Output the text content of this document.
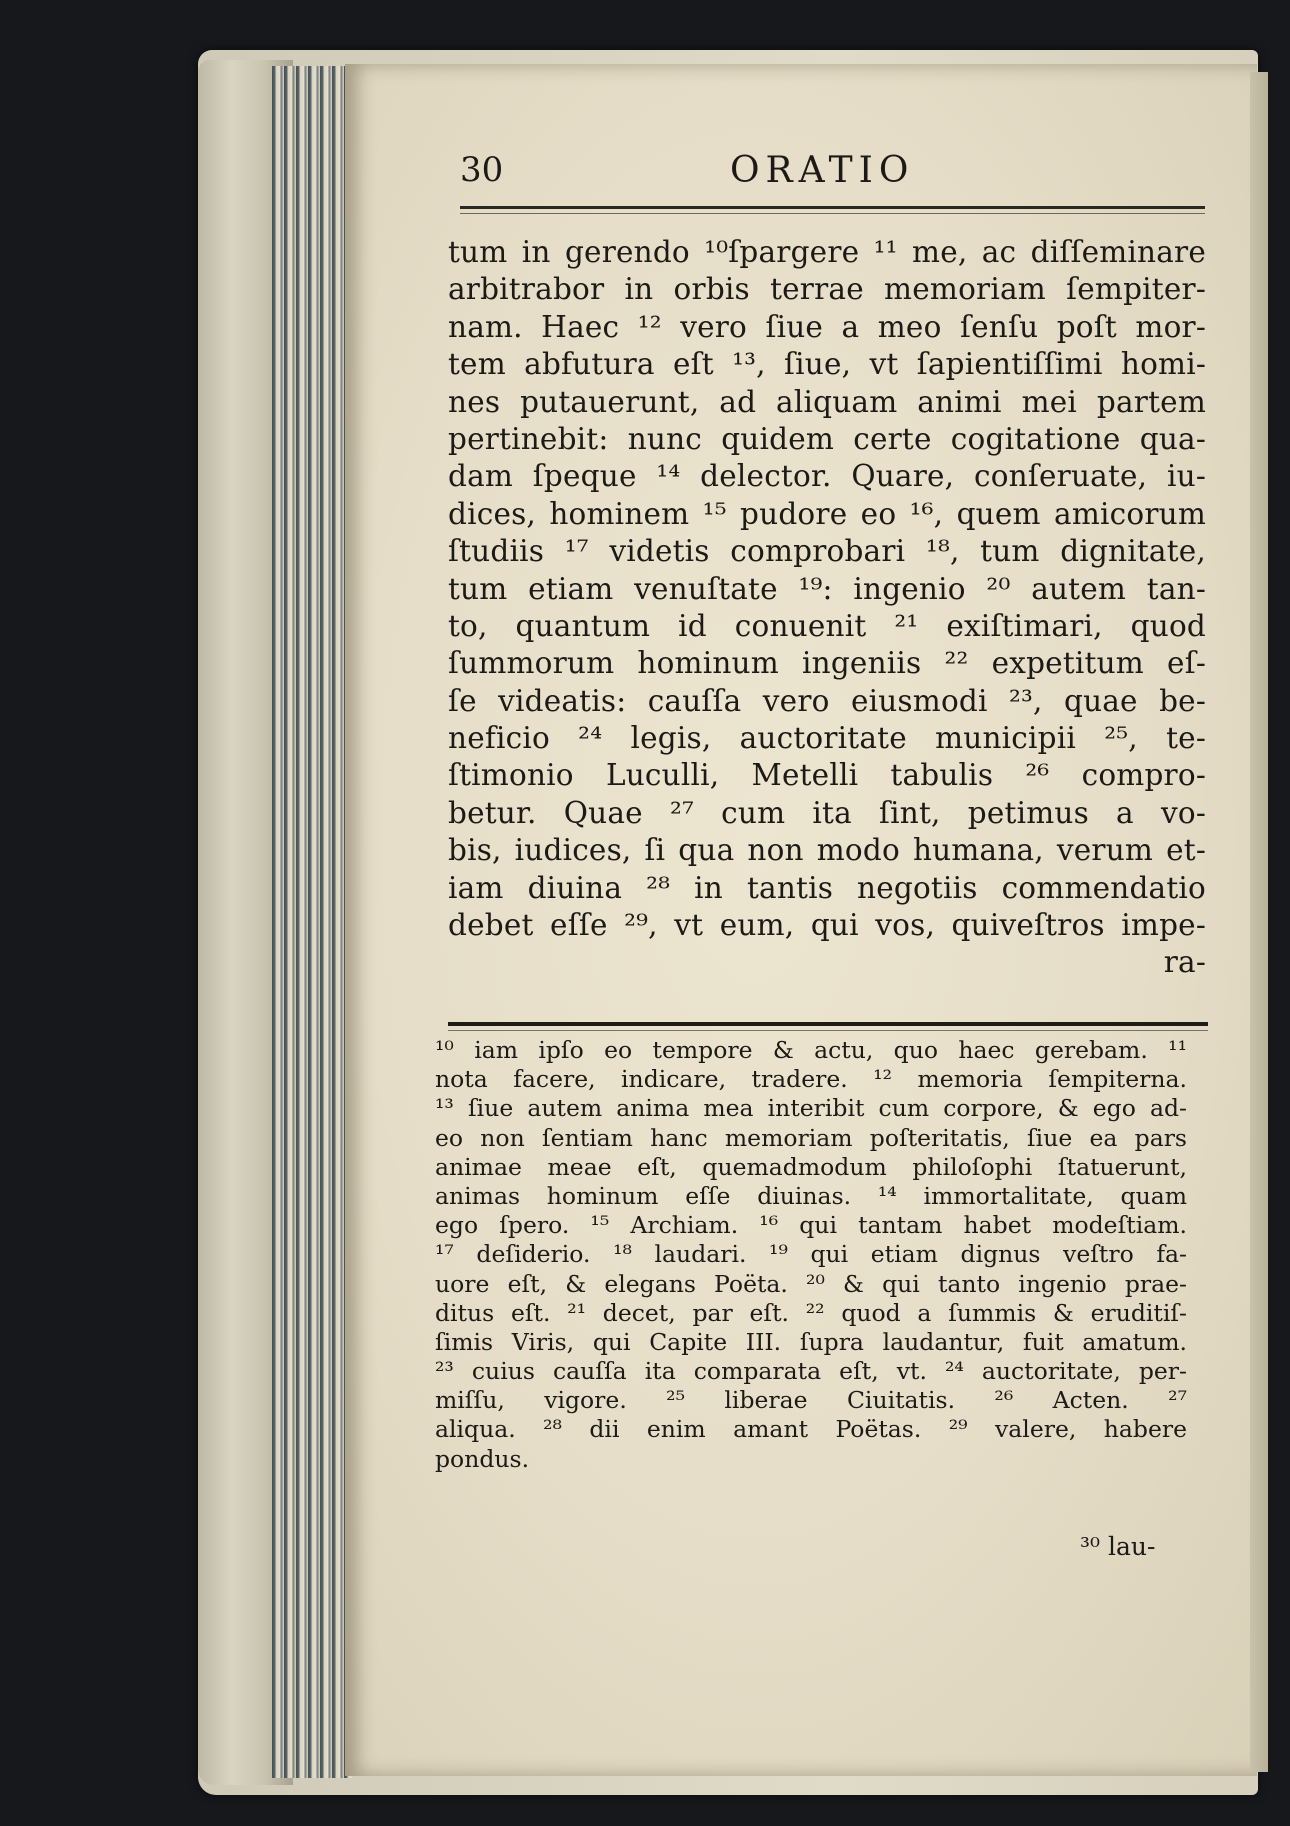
30	ORATIO
tum in gerendo ¹⁰ſpargere ¹¹ me, ac diſſeminare
arbitrabor in orbis terrae memoriam ſempiter-
nam. Haec ¹² vero ſiue a meo ſenſu poſt mor-
tem abfutura eſt ¹³, ſiue, vt ſapientiſſimi homi-
nes putauerunt, ad aliquam animi mei partem
pertinebit: nunc quidem certe cogitatione qua-
dam ſpeque ¹⁴ delector. Quare, conſeruate, iu-
dices, hominem ¹⁵ pudore eo ¹⁶, quem amicorum
ſtudiis ¹⁷ videtis comprobari ¹⁸, tum dignitate,
tum etiam venuſtate ¹⁹: ingenio ²⁰ autem tan-
to, quantum id conuenit ²¹ exiſtimari, quod
ſummorum hominum ingeniis ²² expetitum eſ-
ſe videatis: cauſſa vero eiusmodi ²³, quae be-
neficio ²⁴ legis, auctoritate municipii ²⁵, te-
ſtimonio Luculli, Metelli tabulis ²⁶ compro-
betur. Quae ²⁷ cum ita ſint, petimus a vo-
bis, iudices, ſi qua non modo humana, verum et-
iam diuina ²⁸ in tantis negotiis commendatio
debet eſſe ²⁹, vt eum, qui vos, quiveſtros impe-
ra-
¹⁰ iam ipſo eo tempore & actu, quo haec gerebam. ¹¹
nota facere, indicare, tradere. ¹² memoria ſempiterna.
¹³ ſiue autem anima mea interibit cum corpore, & ego ad-
eo non ſentiam hanc memoriam poſteritatis, ſiue ea pars
animae meae eſt, quemadmodum philoſophi ſtatuerunt,
animas hominum eſſe diuinas. ¹⁴ immortalitate, quam
ego ſpero. ¹⁵ Archiam. ¹⁶ qui tantam habet modeſtiam.
¹⁷ deſiderio. ¹⁸ laudari. ¹⁹ qui etiam dignus veſtro fa-
uore eſt, & elegans Poëta. ²⁰ & qui tanto ingenio prae-
ditus eſt. ²¹ decet, par eſt. ²² quod a ſummis & eruditiſ-
ſimis Viris, qui Capite III. ſupra laudantur, fuit amatum.
²³ cuius cauſſa ita comparata eſt, vt. ²⁴ auctoritate, per-
miſſu, vigore. ²⁵ liberae Ciuitatis. ²⁶ Acten. ²⁷
aliqua. ²⁸ dii enim amant Poëtas. ²⁹ valere, habere
pondus.
³⁰ lau-
